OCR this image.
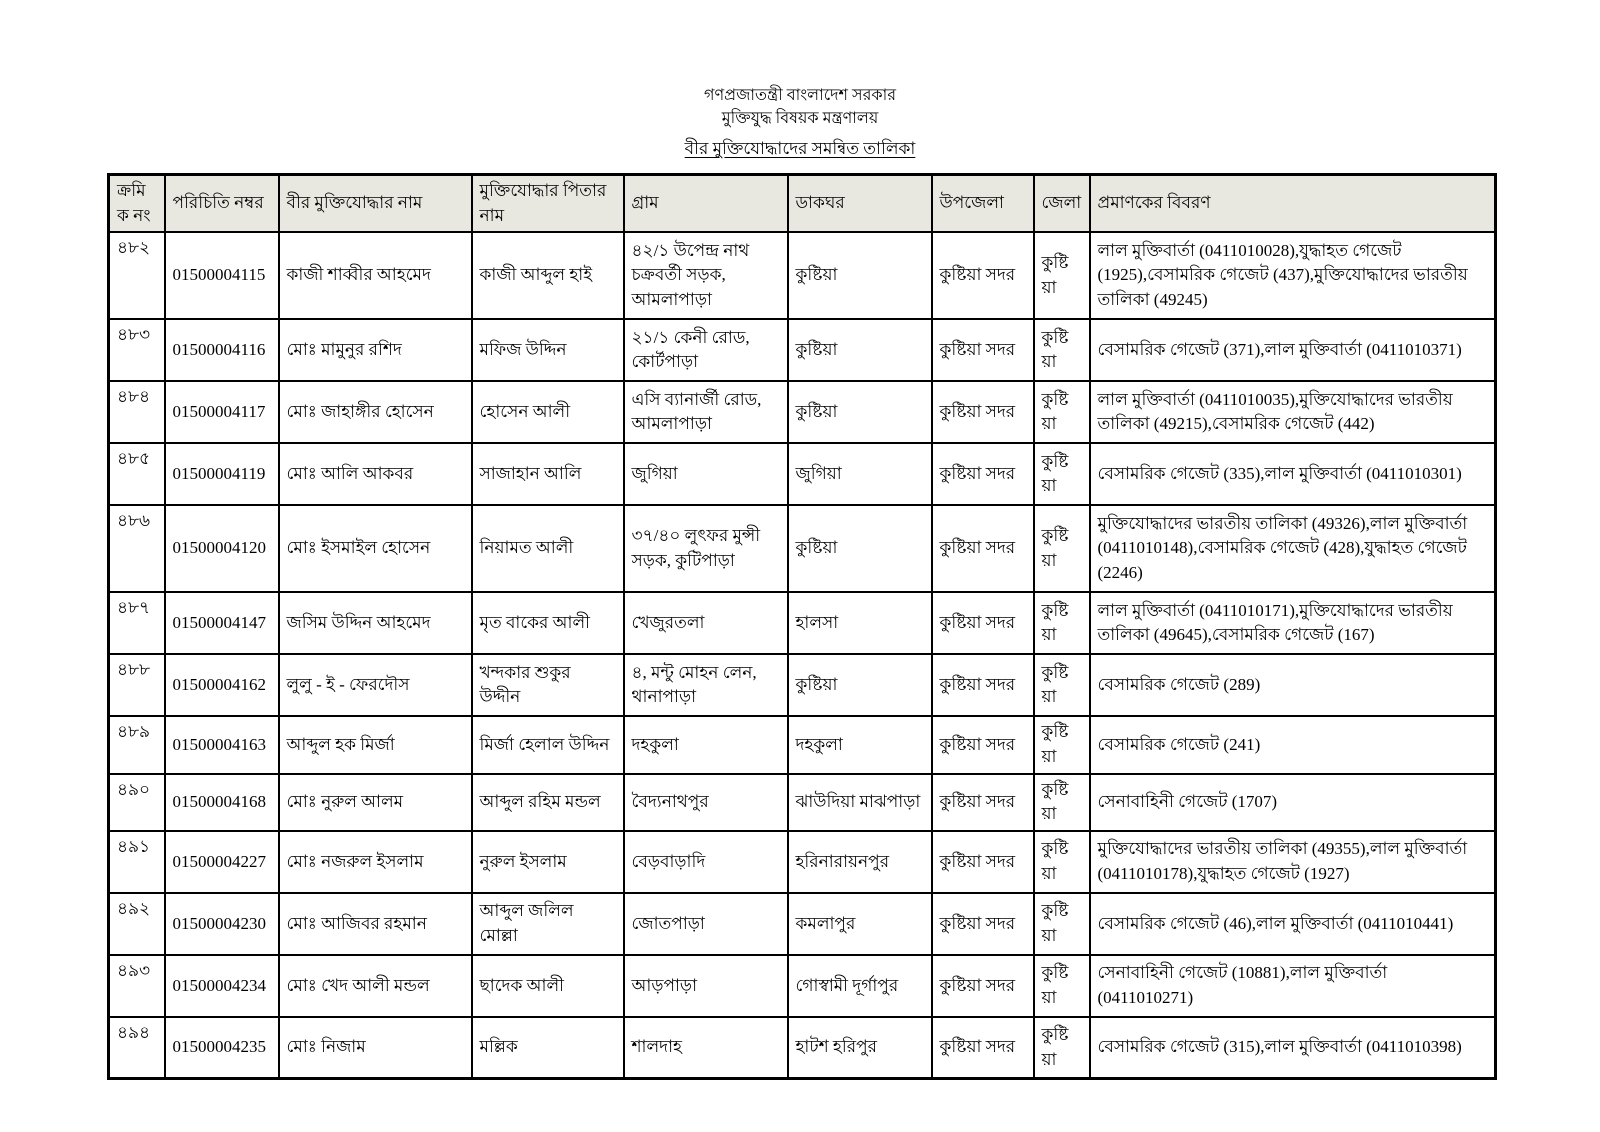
গণপ্রজাতন্ত্রী বাংলাদেশ সরকার
মুক্তিযুদ্ধ বিষয়ক মন্ত্রণালয়
বীর মুক্তিযোদ্ধাদের সমন্বিত তালিকা
ক্রমিক নং	পরিচিতি নম্বর	বীর মুক্তিযোদ্ধার নাম	মুক্তিযোদ্ধার পিতার নাম	গ্রাম	ডাকঘর	উপজেলা	জেলা	প্রমাণকের বিবরণ
৪৮২	01500004115	কাজী শাব্বীর আহমেদ	কাজী আব্দুল হাই	৪২/১ উপেন্দ্র নাথ চক্রবর্তী সড়ক, আমলাপাড়া	কুষ্টিয়া	কুষ্টিয়া সদর	কুষ্টিয়া	লাল মুক্তিবার্তা (0411010028),যুদ্ধাহত গেজেট (1925),বেসামরিক গেজেট (437),মুক্তিযোদ্ধাদের ভারতীয় তালিকা (49245)
৪৮৩	01500004116	মোঃ মামুনুর রশিদ	মফিজ উদ্দিন	২১/১ কেনী রোড, কোর্টপাড়া	কুষ্টিয়া	কুষ্টিয়া সদর	কুষ্টিয়া	বেসামরিক গেজেট (371),লাল মুক্তিবার্তা (0411010371)
৪৮৪	01500004117	মোঃ জাহাঙ্গীর হোসেন	হোসেন আলী	এসি ব্যানার্জী রোড, আমলাপাড়া	কুষ্টিয়া	কুষ্টিয়া সদর	কুষ্টিয়া	লাল মুক্তিবার্তা (0411010035),মুক্তিযোদ্ধাদের ভারতীয় তালিকা (49215),বেসামরিক গেজেট (442)
৪৮৫	01500004119	মোঃ আলি আকবর	সাজাহান আলি	জুগিয়া	জুগিয়া	কুষ্টিয়া সদর	কুষ্টিয়া	বেসামরিক গেজেট (335),লাল মুক্তিবার্তা (0411010301)
৪৮৬	01500004120	মোঃ ইসমাইল হোসেন	নিয়ামত আলী	৩৭/৪০ লুৎফর মুন্সী সড়ক, কুটিপাড়া	কুষ্টিয়া	কুষ্টিয়া সদর	কুষ্টিয়া	মুক্তিযোদ্ধাদের ভারতীয় তালিকা (49326),লাল মুক্তিবার্তা (0411010148),বেসামরিক গেজেট (428),যুদ্ধাহত গেজেট (2246)
৪৮৭	01500004147	জসিম উদ্দিন আহমেদ	মৃত বাকের আলী	খেজুরতলা	হালসা	কুষ্টিয়া সদর	কুষ্টিয়া	লাল মুক্তিবার্তা (0411010171),মুক্তিযোদ্ধাদের ভারতীয় তালিকা (49645),বেসামরিক গেজেট (167)
৪৮৮	01500004162	লুলু - ই - ফেরদৌস	খন্দকার শুকুর উদ্দীন	৪, মন্টু মোহন লেন, থানাপাড়া	কুষ্টিয়া	কুষ্টিয়া সদর	কুষ্টিয়া	বেসামরিক গেজেট (289)
৪৮৯	01500004163	আব্দুল হক মির্জা	মির্জা হেলাল উদ্দিন	দহকুলা	দহকুলা	কুষ্টিয়া সদর	কুষ্টিয়া	বেসামরিক গেজেট (241)
৪৯০	01500004168	মোঃ নুরুল আলম	আব্দুল রহিম মন্ডল	বৈদ্যনাথপুর	ঝাউদিয়া মাঝপাড়া	কুষ্টিয়া সদর	কুষ্টিয়া	সেনাবাহিনী গেজেট (1707)
৪৯১	01500004227	মোঃ নজরুল ইসলাম	নুরুল ইসলাম	বেড়বাড়াদি	হরিনারায়নপুর	কুষ্টিয়া সদর	কুষ্টিয়া	মুক্তিযোদ্ধাদের ভারতীয় তালিকা (49355),লাল মুক্তিবার্তা (0411010178),যুদ্ধাহত গেজেট (1927)
৪৯২	01500004230	মোঃ আজিবর রহমান	আব্দুল জলিল মোল্লা	জোতপাড়া	কমলাপুর	কুষ্টিয়া সদর	কুষ্টিয়া	বেসামরিক গেজেট (46),লাল মুক্তিবার্তা (0411010441)
৪৯৩	01500004234	মোঃ খেদ আলী মন্ডল	ছাদেক আলী	আড়পাড়া	গোস্বামী দূর্গাপুর	কুষ্টিয়া সদর	কুষ্টিয়া	সেনাবাহিনী গেজেট (10881),লাল মুক্তিবার্তা (0411010271)
৪৯৪	01500004235	মোঃ নিজাম	মল্লিক	শালদাহ	হাটশ হরিপুর	কুষ্টিয়া সদর	কুষ্টিয়া	বেসামরিক গেজেট (315),লাল মুক্তিবার্তা (0411010398)
